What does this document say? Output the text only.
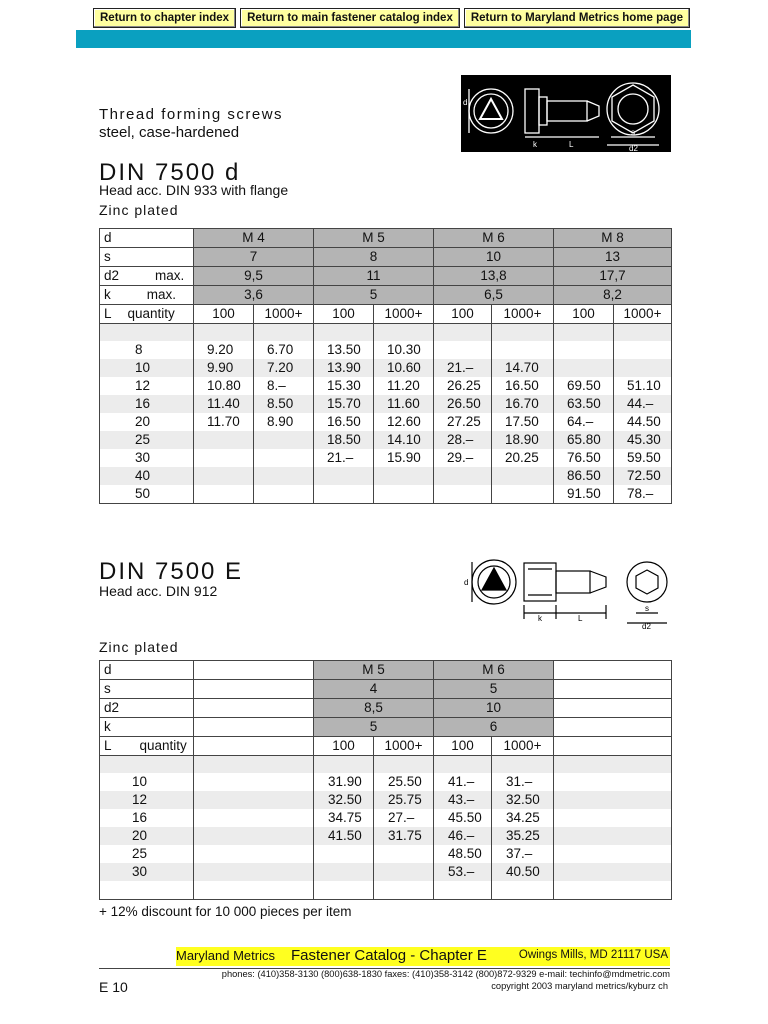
Return to chapter index	Return to main fastener catalog index	Return to Maryland Metrics home page
Thread forming screws
steel, case-hardened
d
k	L
s
d2
DIN 7500 d
Head acc. DIN 933 with flange
Zinc plated
d	M 4		M 5		M 6		M 8	
s	7		8		10		13	
d2 max.	9,5		11		13,8		17,7	
k max.	3,6		5		6,5		8,2	
L quantity	100	1000+	100	1000+	100	1000+	100	1000+

8	9.20	6.70	13.50	10.30				
10	9.90	7.20	13.90	10.60	21.–	14.70		
12	10.80	8.–	15.30	11.20	26.25	16.50	69.50	51.10
16	11.40	8.50	15.70	11.60	26.50	16.70	63.50	44.–
20	11.70	8.90	16.50	12.60	27.25	17.50	64.–	44.50
25			18.50	14.10	28.–	18.90	65.80	45.30
30			21.–	15.90	29.–	20.25	76.50	59.50
40							86.50	72.50
50							91.50	78.–
DIN 7500 E
Head acc. DIN 912
d
k	L
s
d2
Zinc plated
d		M 5		M 6		
s		4		5		
d2		8,5		10		
k		5		6		
L quantity		100	1000+	100	1000+	

10		31.90	25.50	41.–	31.–	
12		32.50	25.75	43.–	32.50	
16		34.75	27.–	45.50	34.25	
20		41.50	31.75	46.–	35.25	
25				48.50	37.–	
30				53.–	40.50	

+ 12% discount for 10 000 pieces per item
Maryland Metrics Fastener Catalog - Chapter E	Owings Mills, MD 21117 USA
phones: (410)358-3130 (800)638-1830 faxes: (410)358-3142 (800)872-9329 e-mail: techinfo@mdmetric.com
E 10	copyright 2003 maryland metrics/kyburz ch
